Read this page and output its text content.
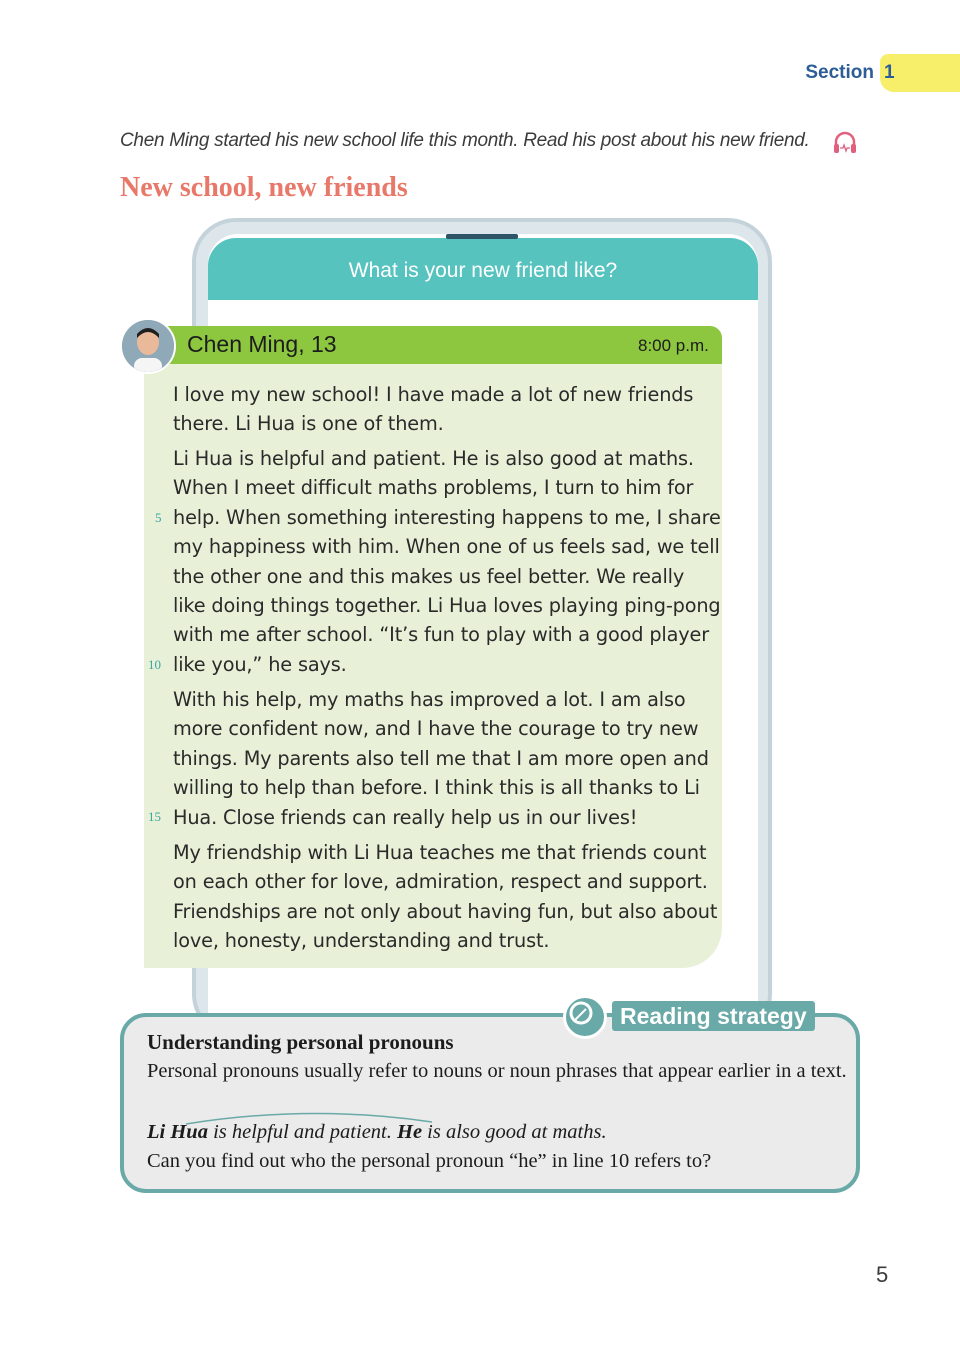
Section 1
Chen Ming started his new school life this month. Read his post about his new friend.
New school, new friends
What is your new friend like?
Chen Ming, 13	8:00 p.m.

I love my new school! I have made a lot of new friends there. Li Hua is one of them.

Li Hua is helpful and patient. He is also good at maths. When I meet difficult maths problems, I turn to him for help. When something interesting happens to me, I share my happiness with him. When one of us feels sad, we tell the other one and this makes us feel better. We really like doing things together. Li Hua loves playing ping-pong with me after school. “It’s fun to play with a good player like you,” he says.

With his help, my maths has improved a lot. I am also more confident now, and I have the courage to try new things. My parents also tell me that I am more open and willing to help than before. I think this is all thanks to Li Hua. Close friends can really help us in our lives!

My friendship with Li Hua teaches me that friends count on each other for love, admiration, respect and support. Friendships are not only about having fun, but also about love, honesty, understanding and trust.

5
10
15
Reading strategy
Understanding personal pronouns

Personal pronouns usually refer to nouns or noun phrases that appear earlier in a text.

Li Hua is helpful and patient. He is also good at maths.
Can you find out who the personal pronoun “he” in line 10 refers to?
5
